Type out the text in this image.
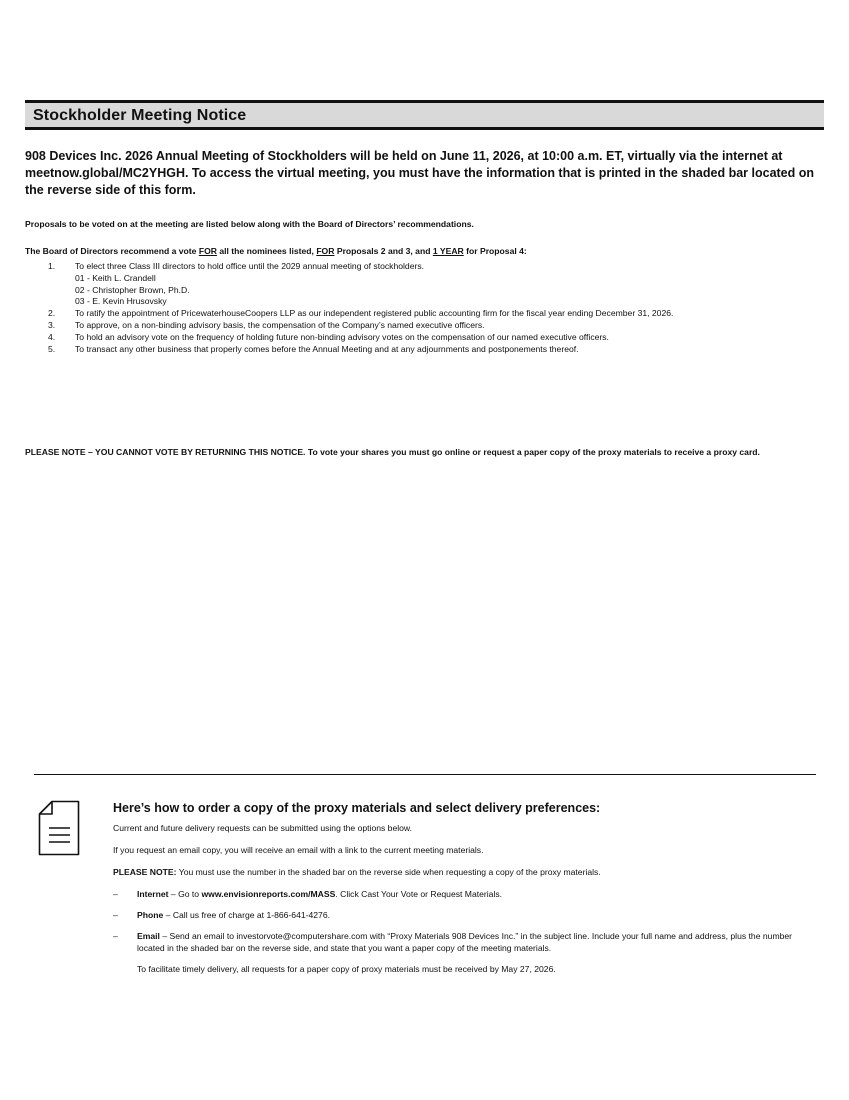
Stockholder Meeting Notice
908 Devices Inc. 2026 Annual Meeting of Stockholders will be held on June 11, 2026, at 10:00 a.m. ET, virtually via the internet at meetnow.global/MC2YHGH. To access the virtual meeting, you must have the information that is printed in the shaded bar located on the reverse side of this form.
Proposals to be voted on at the meeting are listed below along with the Board of Directors’ recommendations.
The Board of Directors recommend a vote FOR all the nominees listed, FOR Proposals 2 and 3, and 1 YEAR for Proposal 4:
1. To elect three Class III directors to hold office until the 2029 annual meeting of stockholders.
01 - Keith L. Crandell
02 - Christopher Brown, Ph.D.
03 - E. Kevin Hrusovsky
2. To ratify the appointment of PricewaterhouseCoopers LLP as our independent registered public accounting firm for the fiscal year ending December 31, 2026.
3. To approve, on a non-binding advisory basis, the compensation of the Company’s named executive officers.
4. To hold an advisory vote on the frequency of holding future non-binding advisory votes on the compensation of our named executive officers.
5. To transact any other business that properly comes before the Annual Meeting and at any adjournments and postponements thereof.
PLEASE NOTE – YOU CANNOT VOTE BY RETURNING THIS NOTICE. To vote your shares you must go online or request a paper copy of the proxy materials to receive a proxy card.
Here’s how to order a copy of the proxy materials and select delivery preferences:
Current and future delivery requests can be submitted using the options below.
If you request an email copy, you will receive an email with a link to the current meeting materials.
PLEASE NOTE: You must use the number in the shaded bar on the reverse side when requesting a copy of the proxy materials.
– Internet – Go to www.envisionreports.com/MASS. Click Cast Your Vote or Request Materials.
– Phone – Call us free of charge at 1-866-641-4276.
– Email – Send an email to investorvote@computershare.com with “Proxy Materials 908 Devices Inc.” in the subject line. Include your full name and address, plus the number located in the shaded bar on the reverse side, and state that you want a paper copy of the meeting materials.
To facilitate timely delivery, all requests for a paper copy of proxy materials must be received by May 27, 2026.
